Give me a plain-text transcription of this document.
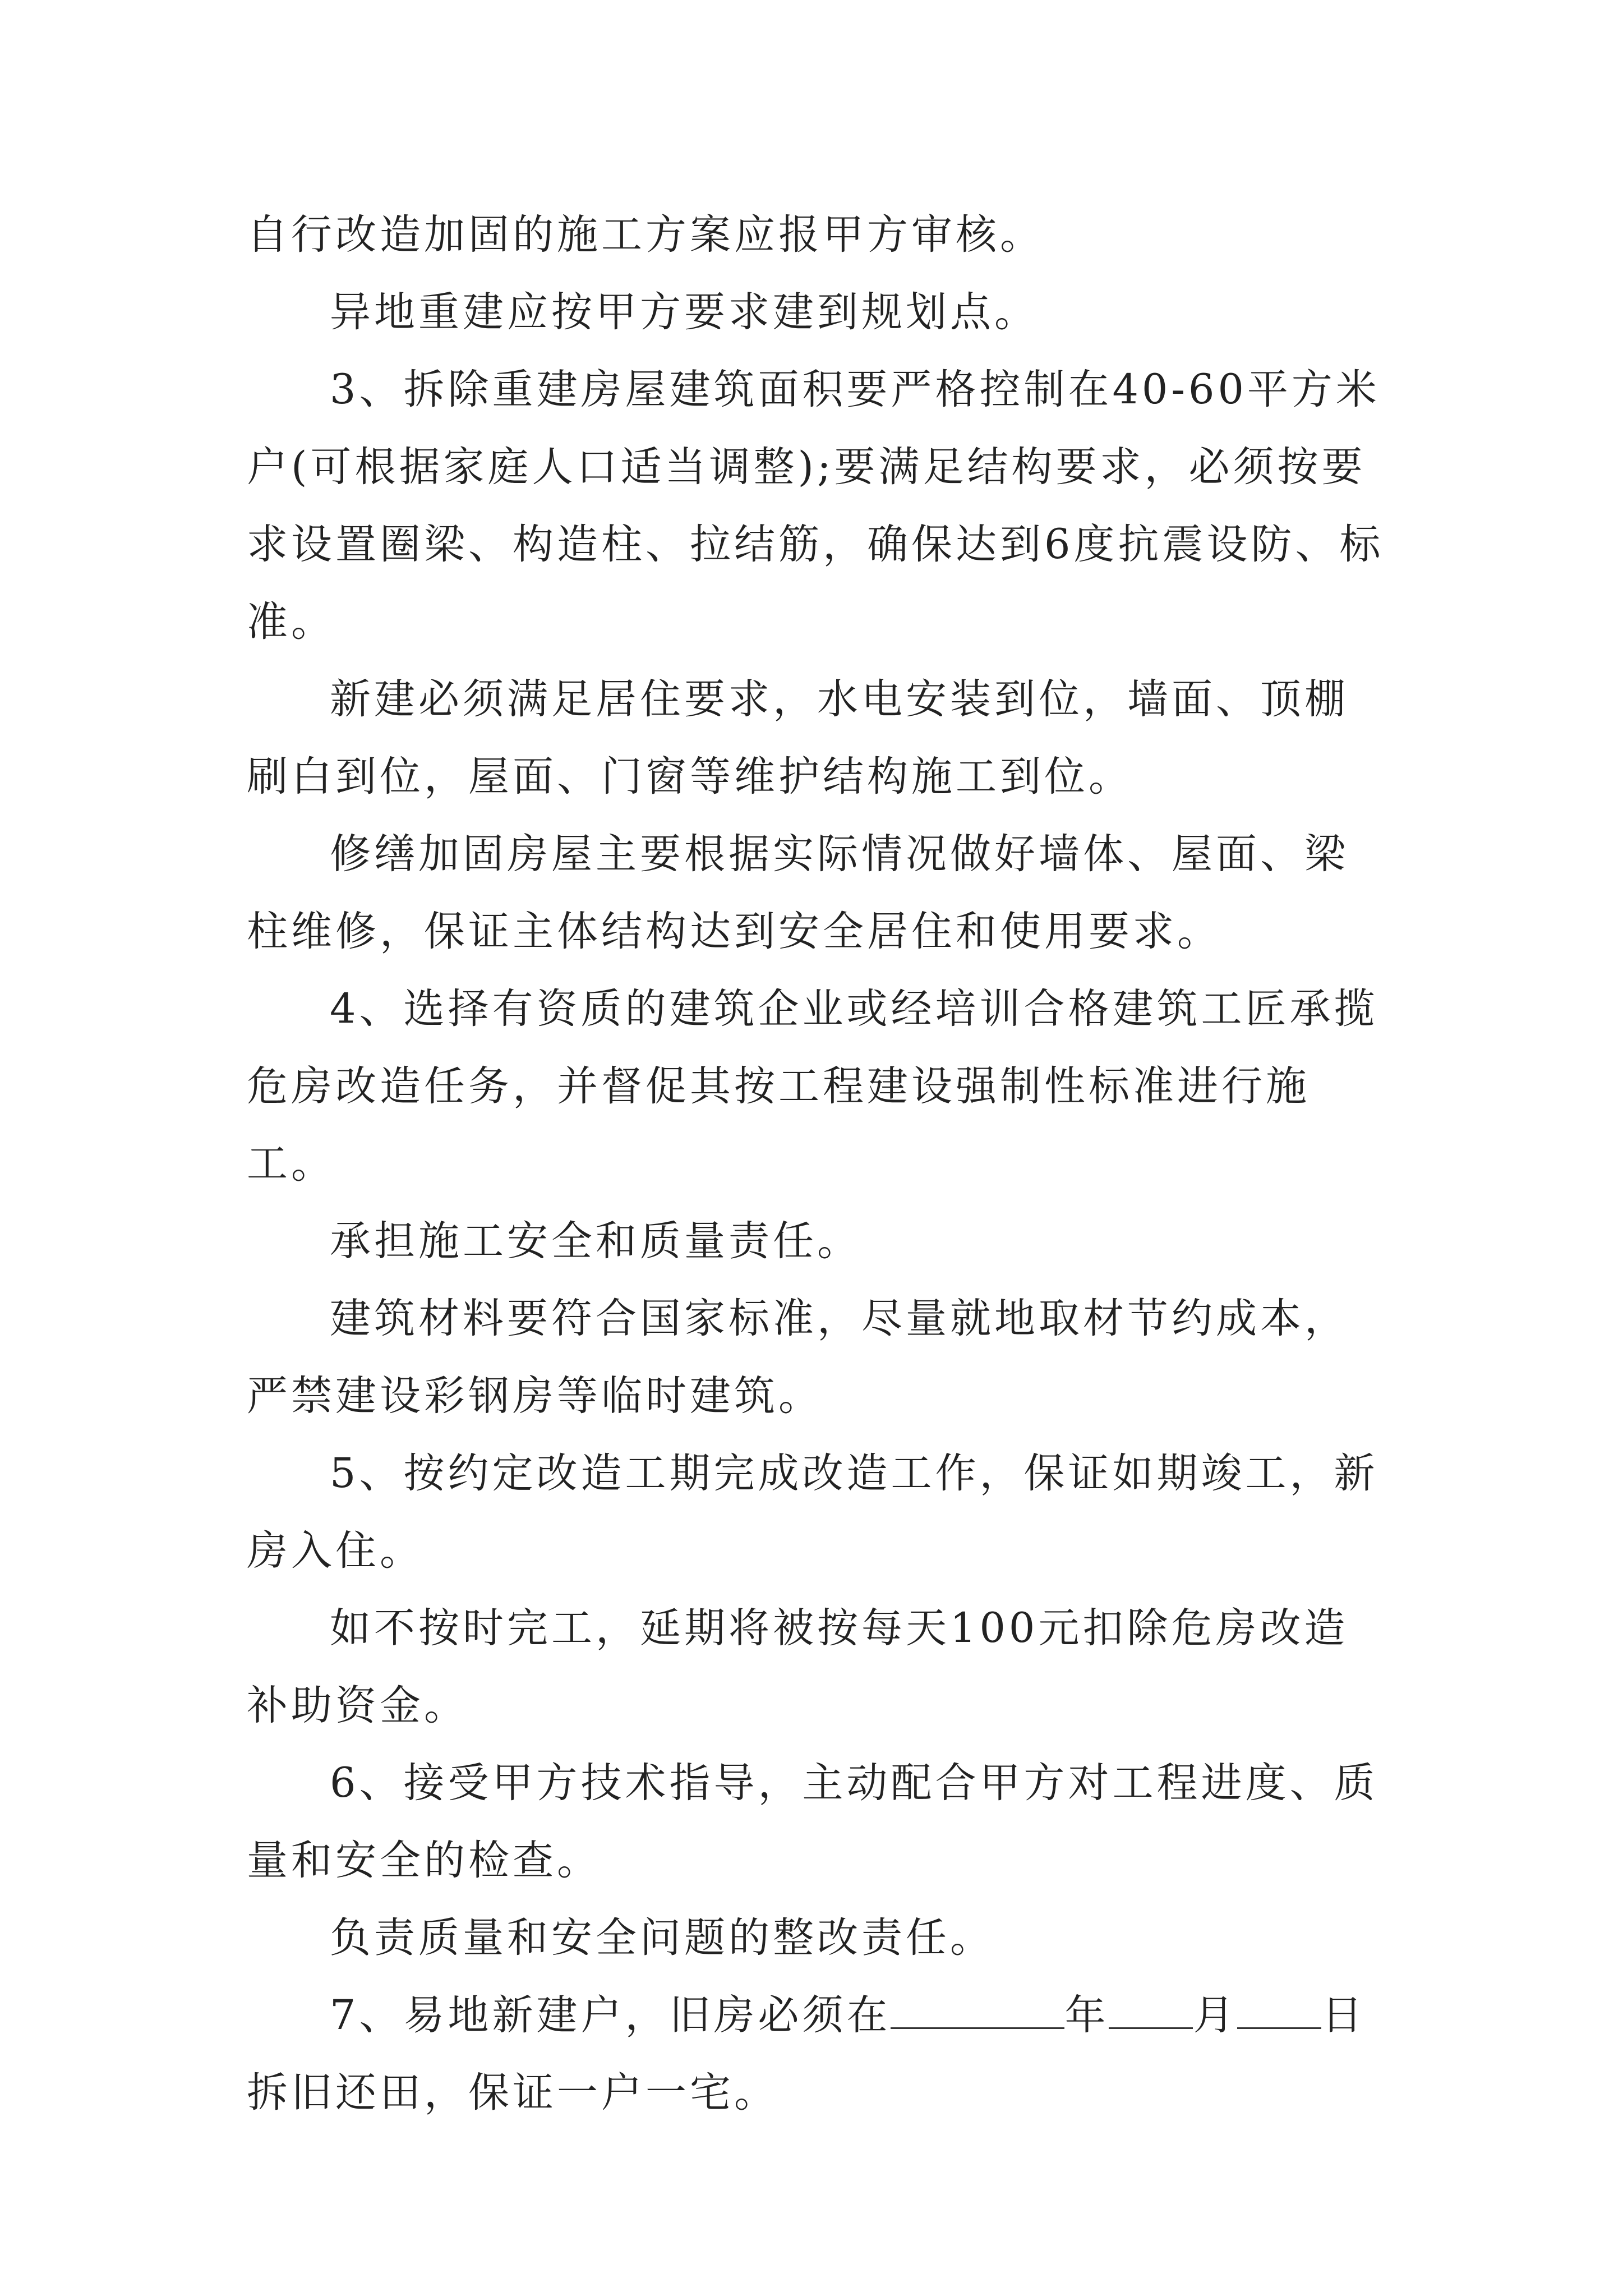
自行改造加固的施工方案应报甲方审核。

异地重建应按甲方要求建到规划点。

3、拆除重建房屋建筑面积要严格控制在40-60平方米户(可根据家庭人口适当调整);要满足结构要求，必须按要求设置圈梁、构造柱、拉结筋，确保达到6度抗震设防、标准。

新建必须满足居住要求，水电安装到位，墙面、顶棚刷白到位，屋面、门窗等维护结构施工到位。

修缮加固房屋主要根据实际情况做好墙体、屋面、梁柱维修，保证主体结构达到安全居住和使用要求。

4、选择有资质的建筑企业或经培训合格建筑工匠承揽危房改造任务，并督促其按工程建设强制性标准进行施工。

承担施工安全和质量责任。

建筑材料要符合国家标准，尽量就地取材节约成本，严禁建设彩钢房等临时建筑。

5、按约定改造工期完成改造工作，保证如期竣工，新房入住。

如不按时完工，延期将被按每天100元扣除危房改造补助资金。

6、接受甲方技术指导，主动配合甲方对工程进度、质量和安全的检查。

负责质量和安全问题的整改责任。

7、易地新建户，旧房必须在	年 月 日拆旧还田，保证一户一宅。
